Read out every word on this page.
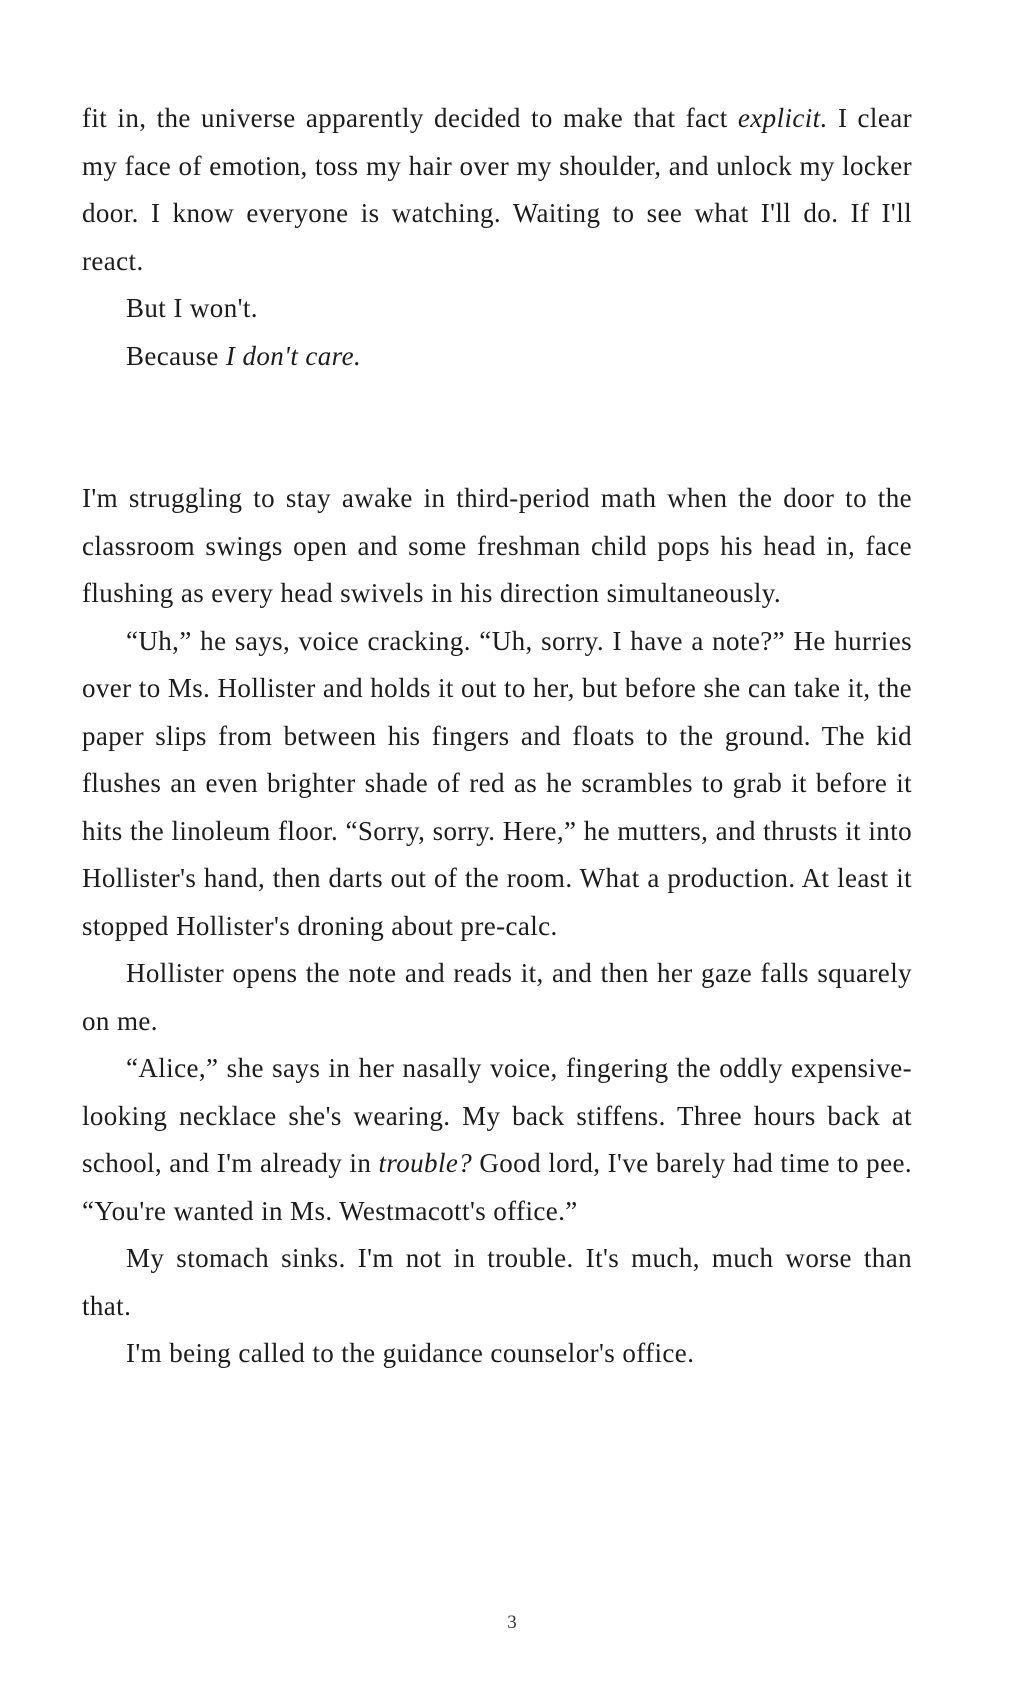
fit in, the universe apparently decided to make that fact explicit. I clear my face of emotion, toss my hair over my shoulder, and unlock my locker door. I know everyone is watching. Waiting to see what I'll do. If I'll react.

But I won't.

Because I don't care.

I'm struggling to stay awake in third-period math when the door to the classroom swings open and some freshman child pops his head in, face flushing as every head swivels in his direction simultaneously.

“Uh,” he says, voice cracking. “Uh, sorry. I have a note?” He hurries over to Ms. Hollister and holds it out to her, but before she can take it, the paper slips from between his fingers and floats to the ground. The kid flushes an even brighter shade of red as he scrambles to grab it before it hits the linoleum floor. “Sorry, sorry. Here,” he mutters, and thrusts it into Hollister's hand, then darts out of the room. What a production. At least it stopped Hollister's droning about pre-calc.

Hollister opens the note and reads it, and then her gaze falls squarely on me.

“Alice,” she says in her nasally voice, fingering the oddly expensive-looking necklace she's wearing. My back stiffens. Three hours back at school, and I'm already in trouble? Good lord, I've barely had time to pee. “You're wanted in Ms. Westmacott's office.”

My stomach sinks. I'm not in trouble. It's much, much worse than that.

I'm being called to the guidance counselor's office.

3
